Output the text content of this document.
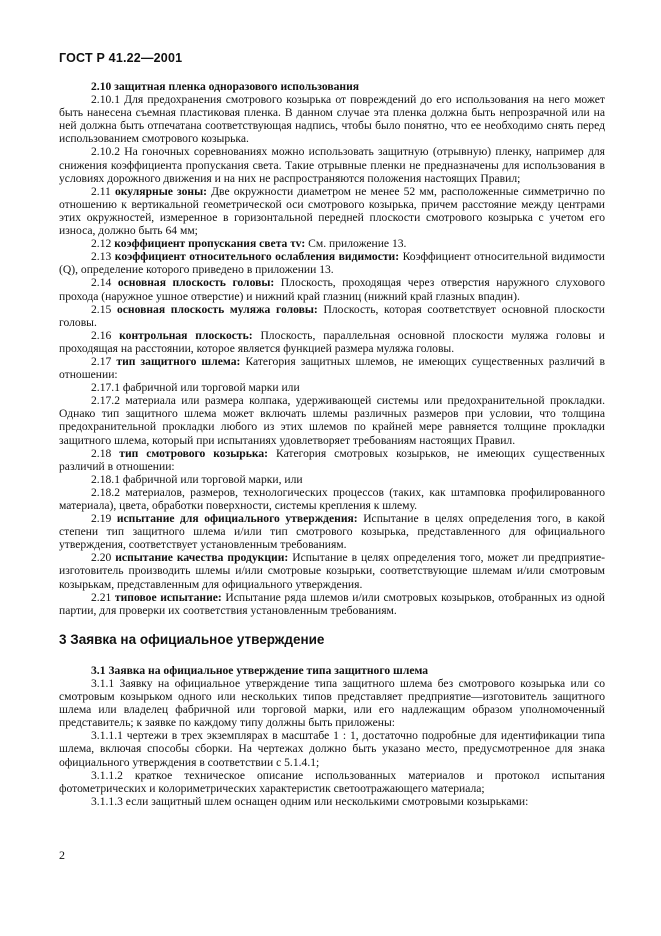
ГОСТ Р 41.22—2001

2.10 защитная пленка одноразового использования

2.10.1 Для предохранения смотрового козырька от повреждений до его использования на него может быть нанесена съемная пластиковая пленка. В данном случае эта пленка должна быть непрозрачной или на ней должна быть отпечатана соответствующая надпись, чтобы было понятно, что ее необходимо снять перед использованием смотрового козырька.

2.10.2 На гоночных соревнованиях можно использовать защитную (отрывную) пленку, например для снижения коэффициента пропускания света. Такие отрывные пленки не предназначены для использования в условиях дорожного движения и на них не распространяются положения настоящих Правил;

2.11 окулярные зоны: Две окружности диаметром не менее 52 мм, расположенные симметрично по отношению к вертикальной геометрической оси смотрового козырька, причем расстояние между центрами этих окружностей, измеренное в горизонтальной передней плоскости смотрового козырька с учетом его износа, должно быть 64 мм;

2.12 коэффициент пропускания света τv: См. приложение 13.

2.13 коэффициент относительного ослабления видимости: Коэффициент относительной видимости (Q), определение которого приведено в приложении 13.

2.14 основная плоскость головы: Плоскость, проходящая через отверстия наружного слухового прохода (наружное ушное отверстие) и нижний край глазниц (нижний край глазных впадин).

2.15 основная плоскость муляжа головы: Плоскость, которая соответствует основной плоскости головы.

2.16 контрольная плоскость: Плоскость, параллельная основной плоскости муляжа головы и проходящая на расстоянии, которое является функцией размера муляжа головы.

2.17 тип защитного шлема: Категория защитных шлемов, не имеющих существенных различий в отношении:

2.17.1 фабричной или торговой марки или

2.17.2 материала или размера колпака, удерживающей системы или предохранительной прокладки. Однако тип защитного шлема может включать шлемы различных размеров при условии, что толщина предохранительной прокладки любого из этих шлемов по крайней мере равняется толщине прокладки защитного шлема, который при испытаниях удовлетворяет требованиям настоящих Правил.

2.18 тип смотрового козырька: Категория смотровых козырьков, не имеющих существенных различий в отношении:

2.18.1 фабричной или торговой марки, или

2.18.2 материалов, размеров, технологических процессов (таких, как штамповка профилированного материала), цвета, обработки поверхности, системы крепления к шлему.

2.19 испытание для официального утверждения: Испытание в целях определения того, в какой степени тип защитного шлема и/или тип смотрового козырька, представленного для официального утверждения, соответствует установленным требованиям.

2.20 испытание качества продукции: Испытание в целях определения того, может ли предприятие-изготовитель производить шлемы и/или смотровые козырьки, соответствующие шлемам и/или смотровым козырькам, представленным для официального утверждения.

2.21 типовое испытание: Испытание ряда шлемов и/или смотровых козырьков, отобранных из одной партии, для проверки их соответствия установленным требованиям.

3 Заявка на официальное утверждение

3.1 Заявка на официальное утверждение типа защитного шлема

3.1.1 Заявку на официальное утверждение типа защитного шлема без смотрового козырька или со смотровым козырьком одного или нескольких типов представляет предприятие—изготовитель защитного шлема или владелец фабричной или торговой марки, или его надлежащим образом уполномоченный представитель; к заявке по каждому типу должны быть приложены:

3.1.1.1 чертежи в трех экземплярах в масштабе 1 : 1, достаточно подробные для идентификации типа шлема, включая способы сборки. На чертежах должно быть указано место, предусмотренное для знака официального утверждения в соответствии с 5.1.4.1;

3.1.1.2 краткое техническое описание использованных материалов и протокол испытания фотометрических и колориметрических характеристик светоотражающего материала;

3.1.1.3 если защитный шлем оснащен одним или несколькими смотровыми козырьками:

2
